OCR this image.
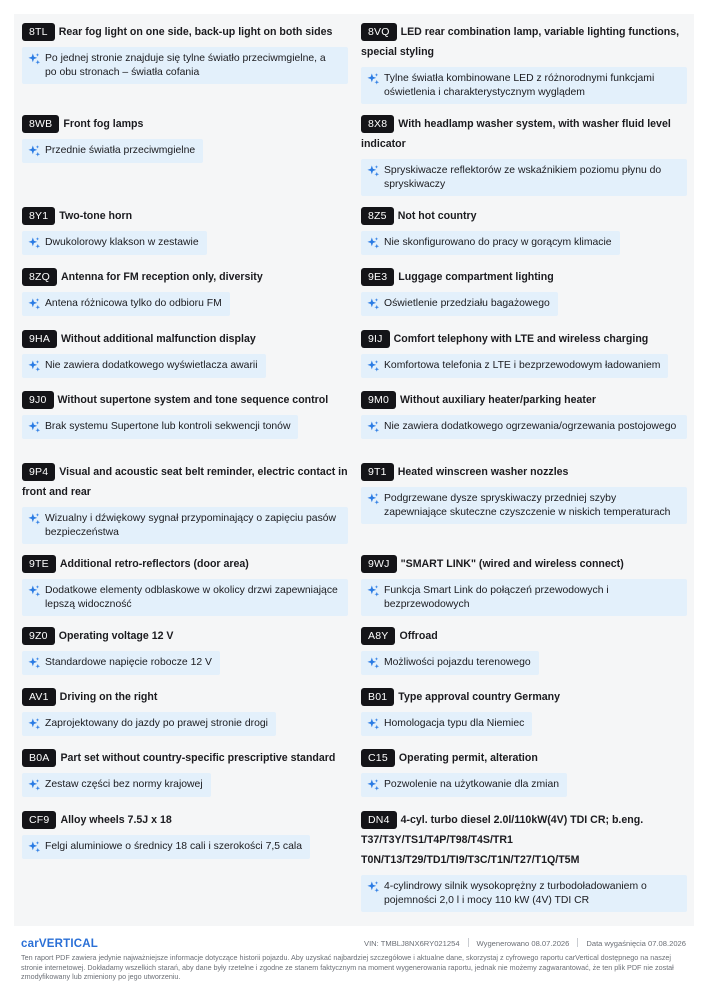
8TL Rear fog light on one side, back-up light on both sides
Po jednej stronie znajduje się tylne światło przeciwmgielne, a po obu stronach – światła cofania
8WB Front fog lamps
Przednie światła przeciwmgielne
8Y1 Two-tone horn
Dwukolorowy klakson w zestawie
8ZQ Antenna for FM reception only, diversity
Antena różnicowa tylko do odbioru FM
9HA Without additional malfunction display
Nie zawiera dodatkowego wyświetlacza awarii
9J0 Without supertone system and tone sequence control
Brak systemu Supertone lub kontroli sekwencji tonów
9P4 Visual and acoustic seat belt reminder, electric contact in front and rear
Wizualny i dźwiękowy sygnał przypominający o zapięciu pasów bezpieczeństwa
9TE Additional retro-reflectors (door area)
Dodatkowe elementy odblaskowe w okolicy drzwi zapewniające lepszą widoczność
9Z0 Operating voltage 12 V
Standardowe napięcie robocze 12 V
AV1 Driving on the right
Zaprojektowany do jazdy po prawej stronie drogi
B0A Part set without country-specific prescriptive standard
Zestaw części bez normy krajowej
CF9 Alloy wheels 7.5J x 18
Felgi aluminiowe o średnicy 18 cali i szerokości 7,5 cala
8VQ LED rear combination lamp, variable lighting functions, special styling
Tylne światła kombinowane LED z różnorodnymi funkcjami oświetlenia i charakterystycznym wyglądem
8X8 With headlamp washer system, with washer fluid level indicator
Spryskiwacze reflektorów ze wskaźnikiem poziomu płynu do spryskiwaczy
8Z5 Not hot country
Nie skonfigurowano do pracy w gorącym klimacie
9E3 Luggage compartment lighting
Oświetlenie przedziału bagażowego
9IJ Comfort telephony with LTE and wireless charging
Komfortowa telefonia z LTE i bezprzewodowym ładowaniem
9M0 Without auxiliary heater/parking heater
Nie zawiera dodatkowego ogrzewania/ogrzewania postojowego
9T1 Heated winscreen washer nozzles
Podgrzewane dysze spryskiwaczy przedniej szyby zapewniające skuteczne czyszczenie w niskich temperaturach
9WJ "SMART LINK" (wired and wireless connect)
Funkcja Smart Link do połączeń przewodowych i bezprzewodowych
A8Y Offroad
Możliwości pojazdu terenowego
B01 Type approval country Germany
Homologacja typu dla Niemiec
C15 Operating permit, alteration
Pozwolenie na użytkowanie dla zmian
DN4 4-cyl. turbo diesel 2.0l/110kW(4V) TDI CR; b.eng. T37/T3Y/TS1/T4P/T98/T4S/TR1 T0N/T13/T29/TD1/TI9/T3C/T1N/T27/T1Q/T5M
4-cylindrowy silnik wysokoprężny z turbodoładowaniem o pojemności 2,0 l i mocy 110 kW (4V) TDI CR
carVERTICAL	VIN: TMBLJ8NX6RY021254 Wygenerowano 08.07.2026 Data wygaśnięcia 07.08.2026
Ten raport PDF zawiera jedynie najważniejsze informacje dotyczące historii pojazdu. Aby uzyskać najbardziej szczegółowe i aktualne dane, skorzystaj z cyfrowego raportu carVertical dostępnego na naszej stronie internetowej. Dokładamy wszelkich starań, aby dane były rzetelne i zgodne ze stanem faktycznym na moment wygenerowania raportu, jednak nie możemy zagwarantować, że ten plik PDF nie został zmodyfikowany lub zmieniony po jego utworzeniu.
